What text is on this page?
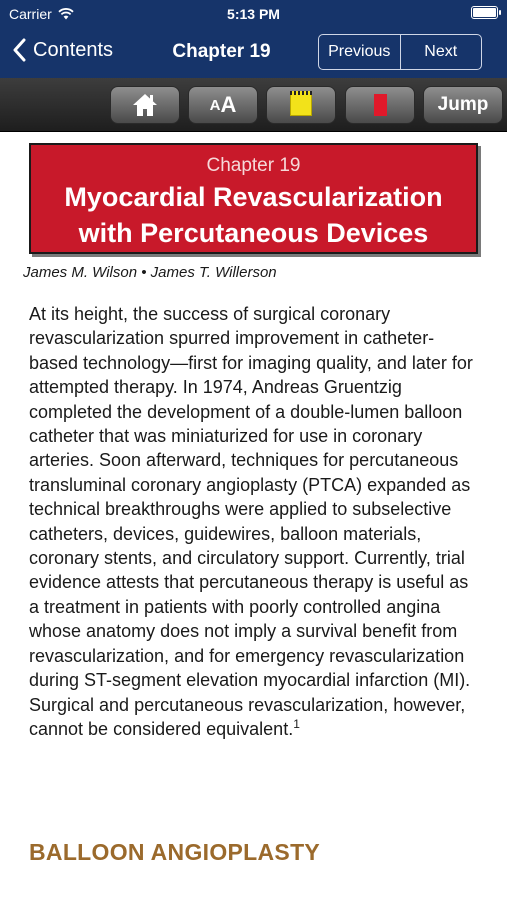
Carrier	5:13 PM
Contents	Chapter 19	Previous	Next
A A	Jump
Chapter 19
Myocardial Revascularization
with Percutaneous Devices
James M. Wilson • James T. Willerson
At its height, the success of surgical coronary revascularization spurred improvement in catheter-based technology—first for imaging quality, and later for attempted therapy. In 1974, Andreas Gruentzig completed the development of a double-lumen balloon catheter that was miniaturized for use in coronary arteries. Soon afterward, techniques for percutaneous transluminal coronary angioplasty (PTCA) expanded as technical breakthroughs were applied to subselective catheters, devices, guidewires, balloon materials, coronary stents, and circulatory support. Currently, trial evidence attests that percutaneous therapy is useful as a treatment in patients with poorly controlled angina whose anatomy does not imply a survival benefit from revascularization, and for emergency revascularization during ST-segment elevation myocardial infarction (MI). Surgical and percutaneous revascularization, however, cannot be considered equivalent.$^1$
BALLOON ANGIOPLASTY
